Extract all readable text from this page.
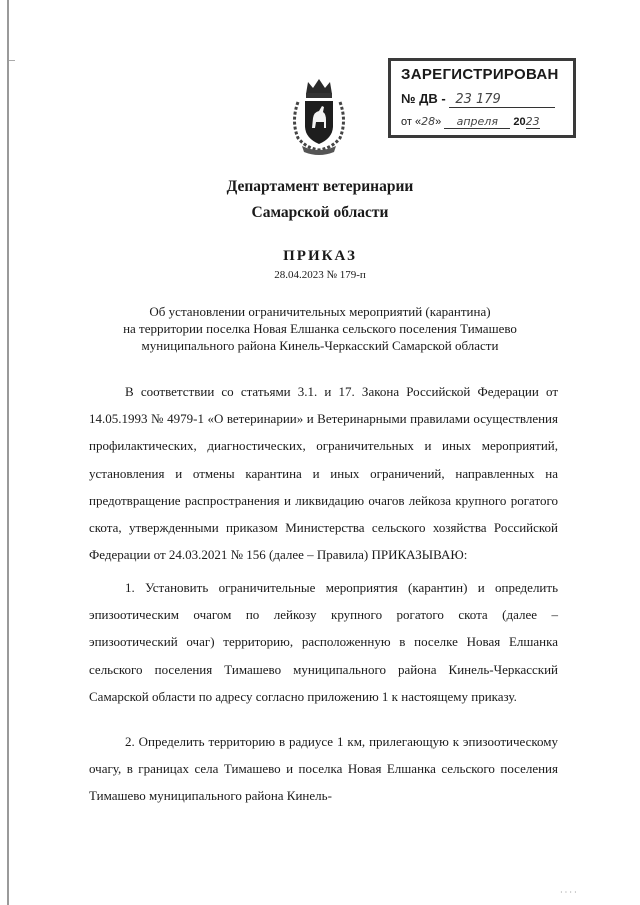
ЗАРЕГИСТРИРОВАН
№ ДВ - 23 179
от «28» апреля 2023
Департамент ветеринарии
Самарской области
ПРИКАЗ
28.04.2023 № 179-п
Об установлении ограничительных мероприятий (карантина)
на территории поселка Новая Елшанка сельского поселения Тимашево
муниципального района Кинель-Черкасский Самарской области
В соответствии со статьями 3.1. и 17. Закона Российской Федерации от 14.05.1993 № 4979-1 «О ветеринарии» и Ветеринарными правилами осуществления профилактических, диагностических, ограничительных и иных мероприятий, установления и отмены карантина и иных ограничений, направленных на предотвращение распространения и ликвидацию очагов лейкоза крупного рогатого скота, утвержденными приказом Министерства сельского хозяйства Российской Федерации от 24.03.2021 № 156 (далее – Правила) ПРИКАЗЫВАЮ:
1. Установить ограничительные мероприятия (карантин) и определить эпизоотическим очагом по лейкозу крупного рогатого скота (далее – эпизоотический очаг) территорию, расположенную в поселке Новая Елшанка сельского поселения Тимашево муниципального района Кинель-Черкасский Самарской области по адресу согласно приложению 1 к настоящему приказу.
2. Определить территорию в радиусе 1 км, прилегающую к эпизоотическому очагу, в границах села Тимашево и поселка Новая Елшанка сельского поселения Тимашево муниципального района Кинель-
· · · ·
